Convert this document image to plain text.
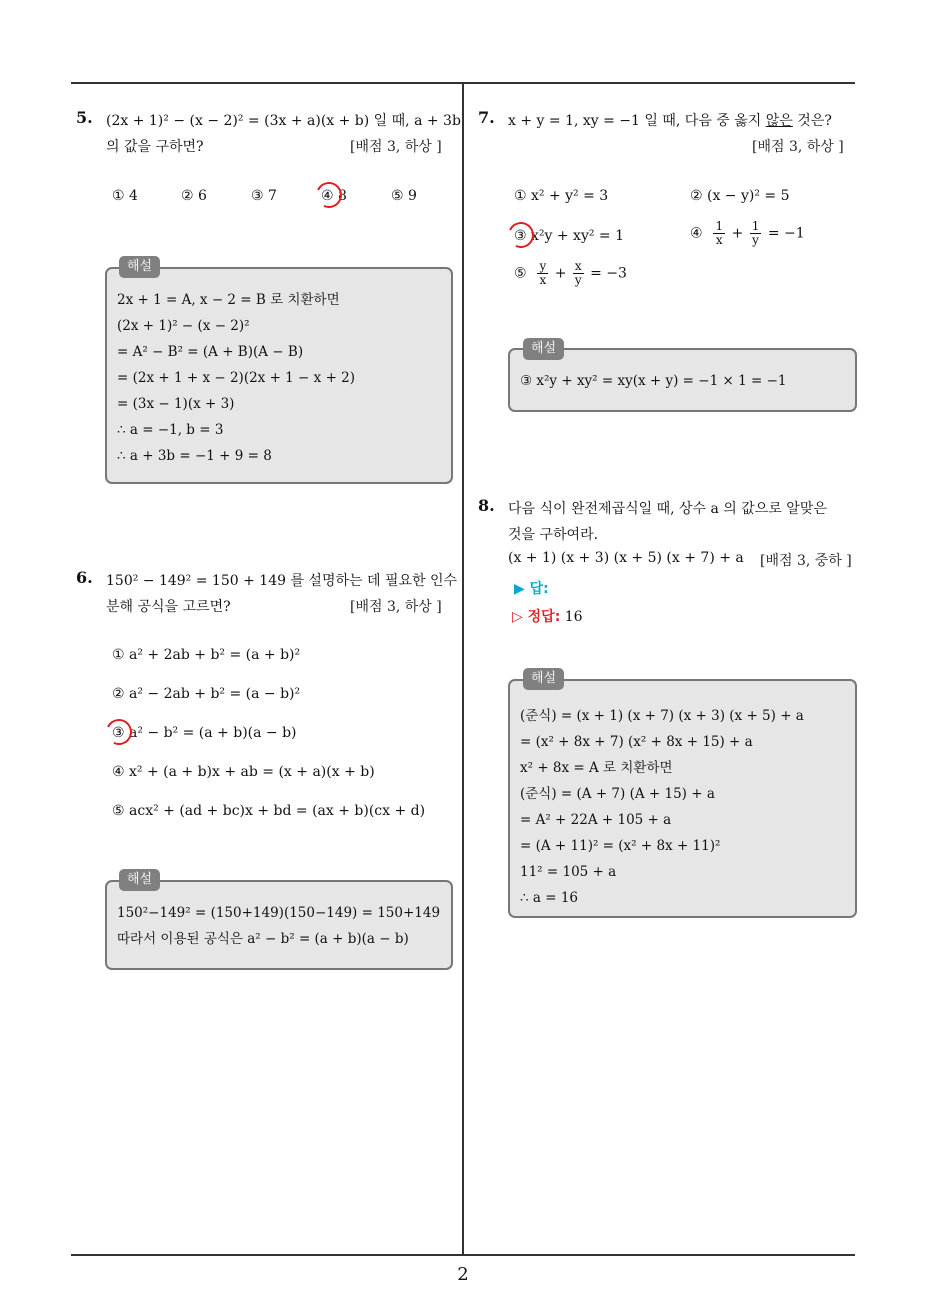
5. (2x + 1)² − (x − 2)² = (3x + a)(x + b) 일 때, a + 3b
의 값을 구하면?	[배점 3, 하상 ]
① 4	② 6	③ 7	④ 8	⑤ 9
2x + 1 = A, x − 2 = B 로 치환하면
(2x + 1)² − (x − 2)²
= A² − B² = (A + B)(A − B)
= (2x + 1 + x − 2)(2x + 1 − x + 2)
= (3x − 1)(x + 3)
∴ a = −1, b = 3
∴ a + 3b = −1 + 9 = 8
해설
6. 150² − 149² = 150 + 149 를 설명하는 데 필요한 인수
분해 공식을 고르면?	[배점 3, 하상 ]
① a² + 2ab + b² = (a + b)²
② a² − 2ab + b² = (a − b)²
③ a² − b² = (a + b)(a − b)
④ x² + (a + b)x + ab = (x + a)(x + b)
⑤ acx² + (ad + bc)x + bd = (ax + b)(cx + d)
150²−149² = (150+149)(150−149) = 150+149
따라서 이용된 공식은 a² − b² = (a + b)(a − b)
해설
7. x + y = 1, xy = −1 일 때, 다음 중 옳지 않은 것은?
[배점 3, 하상 ]
① x² + y² = 3	② (x − y)² = 5
③ x²y + xy² = 1	④ $\frac{1}{x} + \frac{1}{y} = -1$
⑤ $\frac{y}{x} + \frac{x}{y} = -3$
③ x²y + xy² = xy(x + y) = −1 × 1 = −1
해설
8. 다음 식이 완전제곱식일 때, 상수 a 의 값으로 알맞은
것을 구하여라.
(x + 1) (x + 3) (x + 5) (x + 7) + a [배점 3, 중하 ]
▶ 답:
▷ 정답: 16
(준식) = (x + 1) (x + 7) (x + 3) (x + 5) + a
= (x² + 8x + 7) (x² + 8x + 15) + a
x² + 8x = A 로 치환하면
(준식) = (A + 7) (A + 15) + a
= A² + 22A + 105 + a
= (A + 11)² = (x² + 8x + 11)²
11² = 105 + a
∴ a = 16
해설
2
